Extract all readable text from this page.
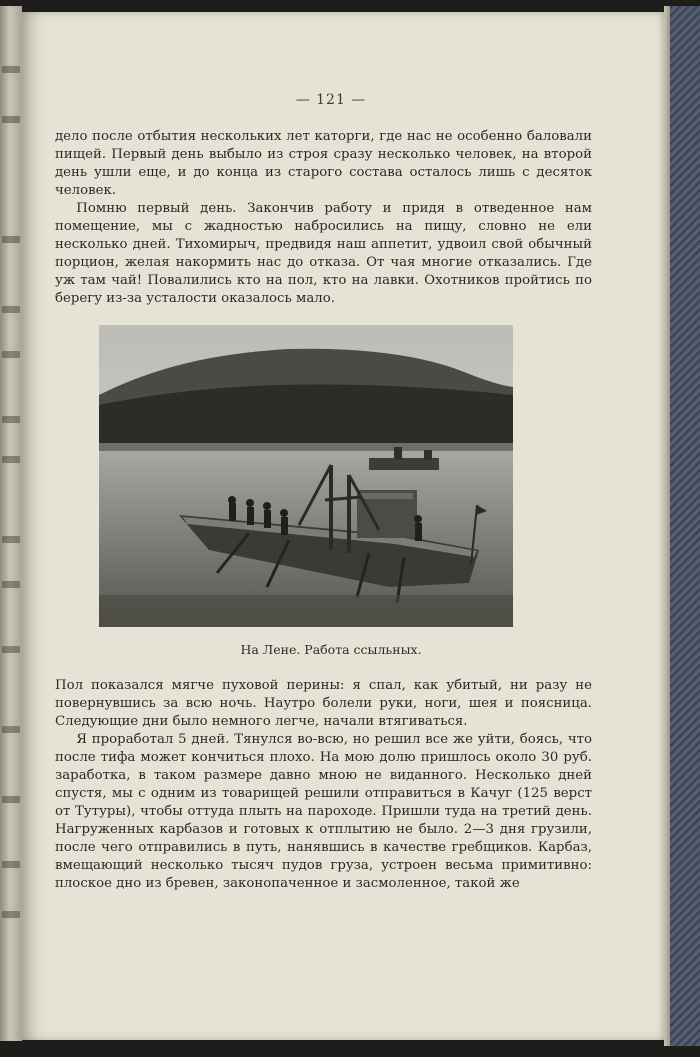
— 121 —

дело после отбытия нескольких лет каторги, где нас не особенно баловали пищей. Первый день выбыло из строя сразу несколько человек, на второй день ушли еще, и до конца из старого состава осталось лишь с десяток человек.

Помню первый день. Закончив работу и придя в отведенное нам помещение, мы с жадностью набросились на пищу, словно не ели несколько дней. Тихомирыч, предвидя наш аппетит, удвоил свой обычный порцион, желая накормить нас до отказа. От чая многие отказались. Где уж там чай! Повалились кто на пол, кто на лавки. Охотников пройтись по берегу из-за усталости оказалось мало.

На Лене. Работа ссыльных.

Пол показался мягче пуховой перины: я спал, как убитый, ни разу не повернувшись за всю ночь. Наутро болели руки, ноги, шея и поясница. Следующие дни было немного легче, начали втягиваться.

Я проработал 5 дней. Тянулся во-всю, но решил все же уйти, боясь, что после тифа может кончиться плохо. На мою долю пришлось около 30 руб. заработка, в таком размере давно мною не виданного. Несколько дней спустя, мы с одним из товарищей решили отправиться в Качуг (125 верст от Тутуры), чтобы оттуда плыть на пароходе. Пришли туда на третий день. Нагруженных карбазов и готовых к отплытию не было. 2—3 дня грузили, после чего отправились в путь, нанявшись в качестве гребщиков. Карбаз, вмещающий несколько тысяч пудов груза, устроен весьма примитивно: плоское дно из бревен, законопаченное и засмоленное, такой же
